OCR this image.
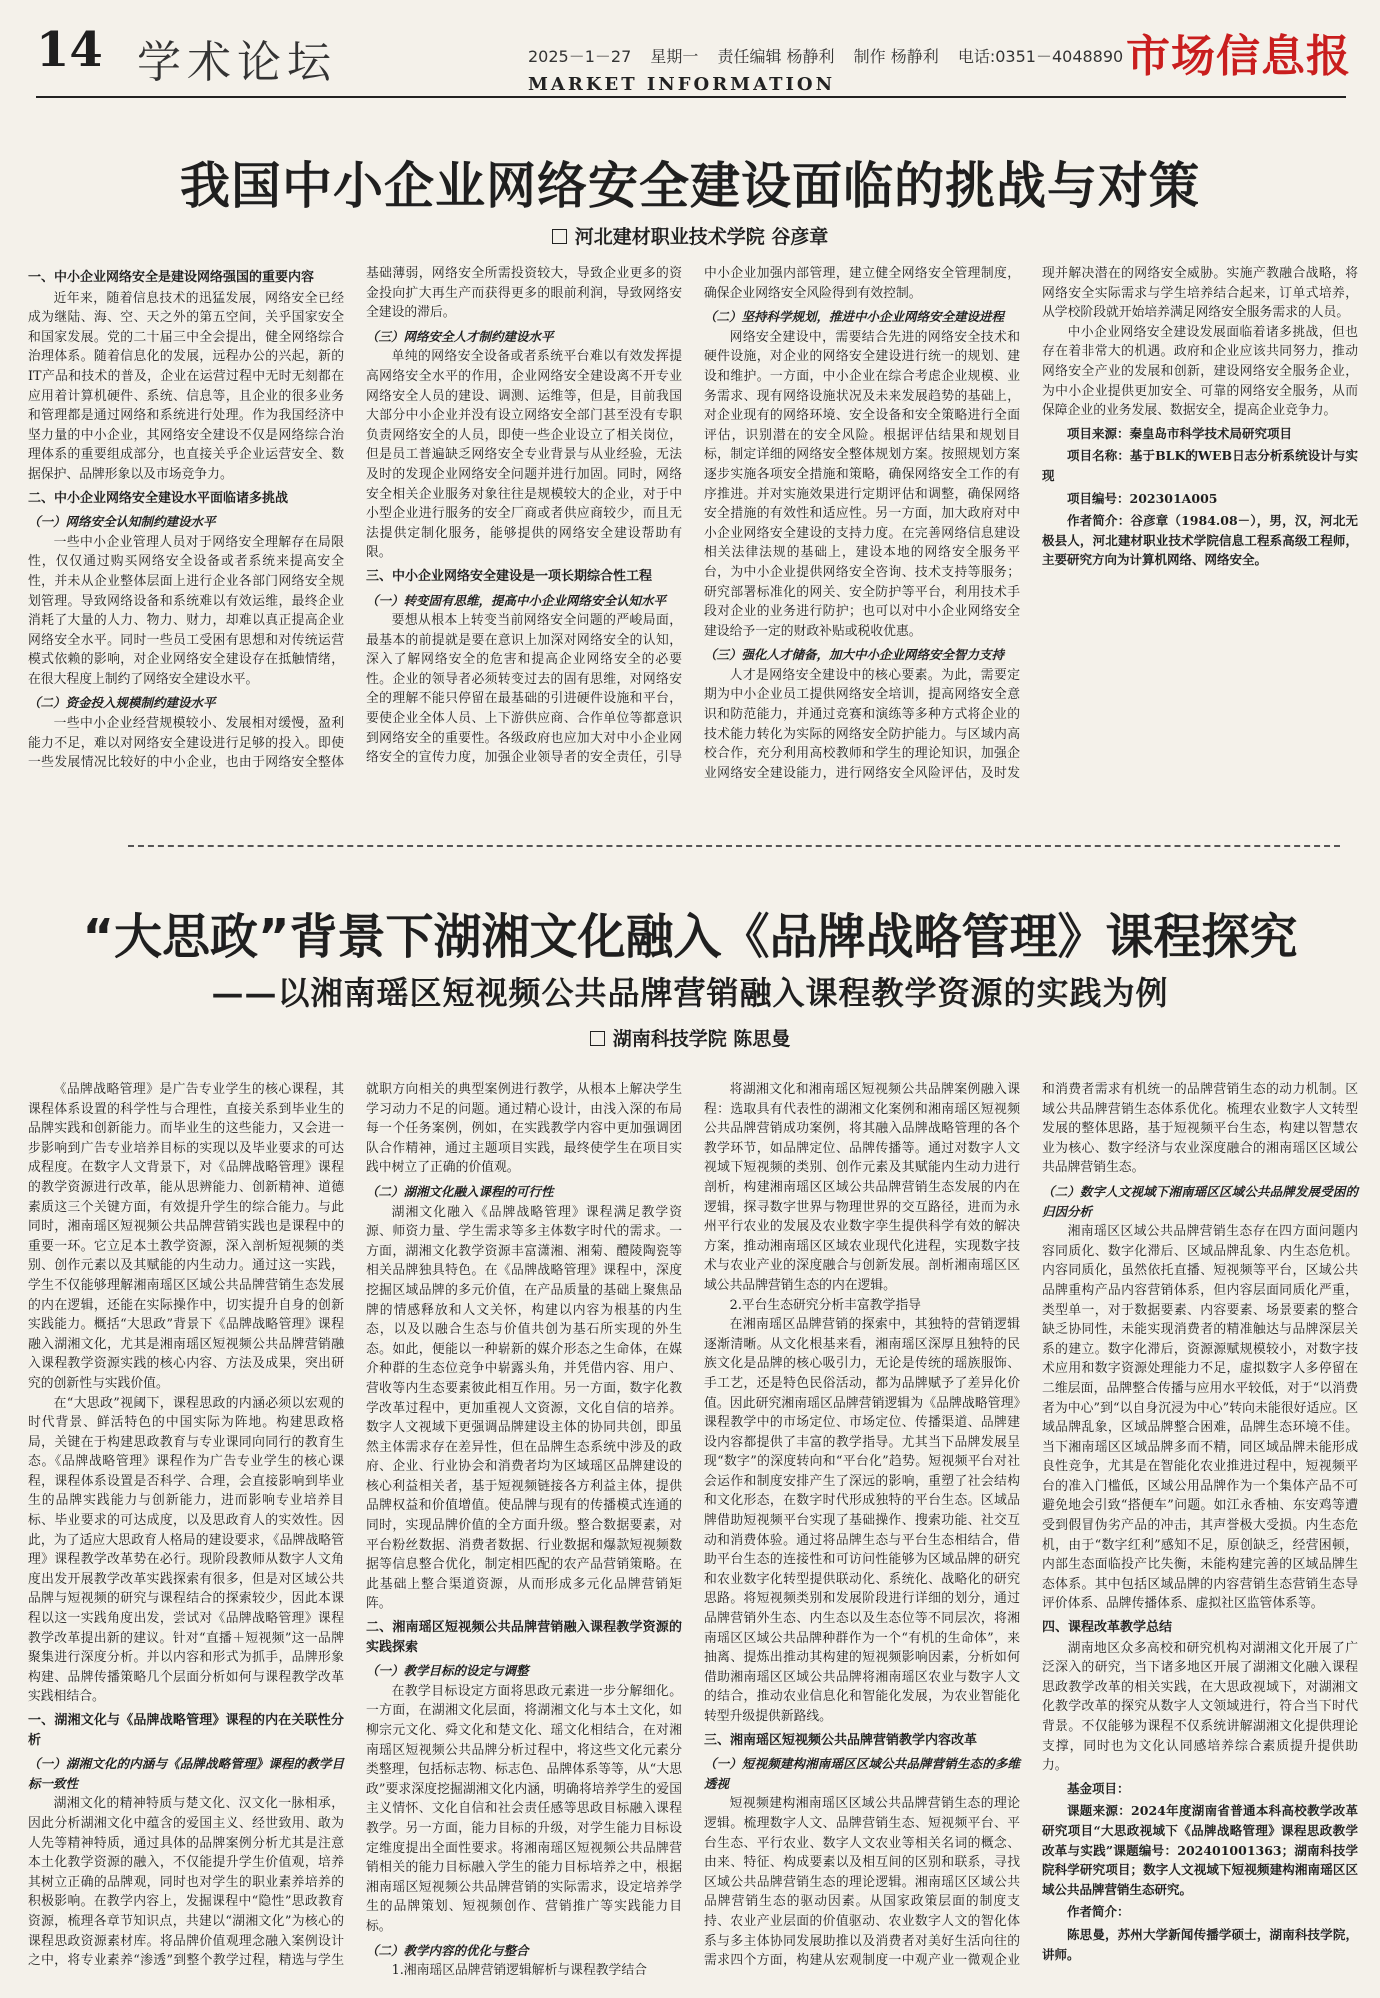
14 学术论坛	2025－1－27 星期一 责任编辑 杨静利 制作 杨静利 电话:0351－4048890
MARKET INFORMATION
市场信息报
我国中小企业网络安全建设面临的挑战与对策
河北建材职业技术学院 谷彦章
一、中小企业网络安全是建设网络强国的重要内容

近年来，随着信息技术的迅猛发展，网络安全已经成为继陆、海、空、天之外的第五空间，关乎国家安全和国家发展。党的二十届三中全会提出，健全网络综合治理体系。随着信息化的发展，远程办公的兴起，新的IT产品和技术的普及，企业在运营过程中无时无刻都在应用着计算机硬件、系统、信息等，且企业的很多业务和管理都是通过网络和系统进行处理。作为我国经济中坚力量的中小企业，其网络安全建设不仅是网络综合治理体系的重要组成部分，也直接关乎企业运营安全、数据保护、品牌形象以及市场竞争力。

二、中小企业网络安全建设水平面临诸多挑战
（一）网络安全认知制约建设水平

一些中小企业管理人员对于网络安全理解存在局限性，仅仅通过购买网络安全设备或者系统来提高安全性，并未从企业整体层面上进行企业各部门网络安全规划管理。导致网络设备和系统难以有效运维，最终企业消耗了大量的人力、物力、财力，却难以真正提高企业网络安全水平。同时一些员工受困有思想和对传统运营模式依赖的影响，对企业网络安全建设存在抵触情绪，在很大程度上制约了网络安全建设水平。

（二）资金投入规模制约建设水平

一些中小企业经营规模较小、发展相对缓慢，盈利能力不足，难以对网络安全建设进行足够的投入。即使一些发展情况比较好的中小企业，也由于网络安全整体基础薄弱，网络安全所需投资较大，导致企业更多的资金投向扩大再生产而获得更多的眼前利润，导致网络安全建设的滞后。

（三）网络安全人才制约建设水平

单纯的网络安全设备或者系统平台难以有效发挥提高网络安全水平的作用，企业网络安全建设离不开专业网络安全人员的建设、调测、运维等，但是，目前我国大部分中小企业并没有设立网络安全部门甚至没有专职负责网络安全的人员，即使一些企业设立了相关岗位，但是员工普遍缺乏网络安全专业背景与从业经验，无法及时的发现企业网络安全问题并进行加固。同时，网络安全相关企业服务对象往往是规模较大的企业，对于中小型企业进行服务的安全厂商或者供应商较少，而且无法提供定制化服务，能够提供的网络安全建设帮助有限。

三、中小企业网络安全建设是一项长期综合性工程
（一）转变固有思维，提高中小企业网络安全认知水平

要想从根本上转变当前网络安全问题的严峻局面，最基本的前提就是要在意识上加深对网络安全的认知，深入了解网络安全的危害和提高企业网络安全的必要性。企业的领导者必须转变过去的固有思维，对网络安全的理解不能只停留在最基础的引进硬件设施和平台，要使企业全体人员、上下游供应商、合作单位等都意识到网络安全的重要性。各级政府也应加大对中小企业网络安全的宣传力度，加强企业领导者的安全责任，引导中小企业加强内部管理，建立健全网络安全管理制度，确保企业网络安全风险得到有效控制。

（二）坚持科学规划，推进中小企业网络安全建设进程

网络安全建设中，需要结合先进的网络安全技术和硬件设施，对企业的网络安全建设进行统一的规划、建设和维护。一方面，中小企业在综合考虑企业规模、业务需求、现有网络设施状况及未来发展趋势的基础上，对企业现有的网络环境、安全设备和安全策略进行全面评估，识别潜在的安全风险。根据评估结果和规划目标，制定详细的网络安全整体规划方案。按照规划方案逐步实施各项安全措施和策略，确保网络安全工作的有序推进。并对实施效果进行定期评估和调整，确保网络安全措施的有效性和适应性。另一方面，加大政府对中小企业网络安全建设的支持力度。在完善网络信息建设相关法律法规的基础上，建设本地的网络安全服务平台，为中小企业提供网络安全咨询、技术支持等服务；研究部署标准化的网关、安全防护等平台，利用技术手段对企业的业务进行防护；也可以对中小企业网络安全建设给予一定的财政补贴或税收优惠。

（三）强化人才储备，加大中小企业网络安全智力支持

人才是网络安全建设中的核心要素。为此，需要定期为中小企业员工提供网络安全培训，提高网络安全意识和防范能力，并通过竞赛和演练等多种方式将企业的技术能力转化为实际的网络安全防护能力。与区域内高校合作，充分利用高校教师和学生的理论知识，加强企业网络安全建设能力，进行网络安全风险评估，及时发现并解决潜在的网络安全威胁。实施产教融合战略，将网络安全实际需求与学生培养结合起来，订单式培养，从学校阶段就开始培养满足网络安全服务需求的人员。

中小企业网络安全建设发展面临着诸多挑战，但也存在着非常大的机遇。政府和企业应该共同努力，推动网络安全产业的发展和创新，建设网络安全服务企业，为中小企业提供更加安全、可靠的网络安全服务，从而保障企业的业务发展、数据安全，提高企业竞争力。

项目来源：秦皇岛市科学技术局研究项目

项目名称：基于BLK的WEB日志分析系统设计与实现

项目编号：202301A005

作者简介：谷彦章（1984.08－），男，汉，河北无极县人，河北建材职业技术学院信息工程系高级工程师，主要研究方向为计算机网络、网络安全。

“大思政”背景下湖湘文化融入《品牌战略管理》课程探究
——以湘南瑶区短视频公共品牌营销融入课程教学资源的实践为例
湖南科技学院 陈思曼

《品牌战略管理》是广告专业学生的核心课程，其课程体系设置的科学性与合理性，直接关系到毕业生的品牌实践和创新能力。而毕业生的这些能力，又会进一步影响到广告专业培养目标的实现以及毕业要求的可达成程度。在数字人文背景下，对《品牌战略管理》课程的教学资源进行改革，能从思辨能力、创新精神、道德素质这三个关键方面，有效提升学生的综合能力。与此同时，湘南瑶区短视频公共品牌营销实践也是课程中的重要一环。它立足本土教学资源，深入剖析短视频的类别、创作元素以及其赋能的内生动力。通过这一实践，学生不仅能够理解湘南瑶区区域公共品牌营销生态发展的内在逻辑，还能在实际操作中，切实提升自身的创新实践能力。概括“大思政”背景下《品牌战略管理》课程融入湖湘文化，尤其是湘南瑶区短视频公共品牌营销融入课程教学资源实践的核心内容、方法及成果，突出研究的创新性与实践价值。

在“大思政”视阈下，课程思政的内涵必须以宏观的时代背景、鲜活特色的中国实际为阵地。构建思政格局，关键在于构建思政教育与专业课同向同行的教育生态。《品牌战略管理》课程作为广告专业学生的核心课程，课程体系设置是否科学、合理，会直接影响到毕业生的品牌实践能力与创新能力，进而影响专业培养目标、毕业要求的可达成度，以及思政育人的实效性。因此，为了适应大思政育人格局的建设要求，《品牌战略管理》课程教学改革势在必行。现阶段教师从数字人文角度出发开展教学改革实践探索有很多，但是对区域公共品牌与短视频的研究与课程结合的探索较少，因此本课程以这一实践角度出发，尝试对《品牌战略管理》课程教学改革提出新的建议。针对“直播＋短视频”这一品牌聚集进行深度分析。并以内容和形式为抓手，品牌形象构建、品牌传播策略几个层面分析如何与课程教学改革实践相结合。

一、湖湘文化与《品牌战略管理》课程的内在关联性分析
（一）湖湘文化的内涵与《品牌战略管理》课程的教学目标一致性

湖湘文化的精神特质与楚文化、汉文化一脉相承，因此分析湖湘文化中蕴含的爱国主义、经世致用、敢为人先等精神特质，通过具体的品牌案例分析尤其是注意本土化教学资源的融入，不仅能提升学生价值观，培养其树立正确的品牌观，同时也对学生的职业素养培养的积极影响。在教学内容上，发掘课程中“隐性”思政教育资源，梳理各章节知识点，共建以“湖湘文化”为核心的课程思政资源素材库。将品牌价值观理念融入案例设计之中，将专业素养“渗透”到整个教学过程，精选与学生就职方向相关的典型案例进行教学，从根本上解决学生学习动力不足的问题。通过精心设计，由浅入深的布局每一个任务案例，例如，在实践教学内容中更加强调团队合作精神，通过主题项目实践，最终使学生在项目实践中树立了正确的价值观。

（二）湖湘文化融入课程的可行性

湖湘文化融入《品牌战略管理》课程满足教学资源、师资力量、学生需求等多主体数字时代的需求。一方面，湖湘文化教学资源丰富潇湘、湘菊、醴陵陶瓷等相关品牌独具特色。在《品牌战略管理》课程中，深度挖掘区域品牌的多元价值，在产品质量的基础上聚焦品牌的情感释放和人文关怀，构建以内容为根基的内生态，以及以融合生态与价值共创为基石所实现的外生态。如此，便能以一种崭新的媒介形态之生命体，在媒介种群的生态位竞争中崭露头角，并凭借内容、用户、营收等内生态要素彼此相互作用。另一方面，数字化教学改革过程中，更加重视人文资源，文化自信的培养。数字人文视域下更强调品牌建设主体的协同共创，即虽然主体需求存在差异性，但在品牌生态系统中涉及的政府、企业、行业协会和消费者均为区域瑶区品牌建设的核心利益相关者，基于短视频链接各方利益主体，提供品牌权益和价值增值。使品牌与现有的传播模式连通的同时，实现品牌价值的全方面升级。整合数据要素，对平台粉丝数据、消费者数据、行业数据和爆款短视频数据等信息整合优化，制定相匹配的农产品营销策略。在此基础上整合渠道资源，从而形成多元化品牌营销矩阵。

二、湘南瑶区短视频公共品牌营销融入课程教学资源的实践探索
（一）教学目标的设定与调整

在教学目标设定方面将思政元素进一步分解细化。一方面，在湖湘文化层面，将湖湘文化与本土文化，如柳宗元文化、舜文化和楚文化、瑶文化相结合，在对湘南瑶区短视频公共品牌分析过程中，将这些文化元素分类整理，包括标志物、标志色、品牌体系等等，从“大思政”要求深度挖掘湖湘文化内涵，明确将培养学生的爱国主义情怀、文化自信和社会责任感等思政目标融入课程教学。另一方面，能力目标的升级，对学生能力目标设定维度提出全面性要求。将湘南瑶区短视频公共品牌营销相关的能力目标融入学生的能力目标培养之中，根据湘南瑶区短视频公共品牌营销的实际需求，设定培养学生的品牌策划、短视频创作、营销推广等实践能力目标。

（二）教学内容的优化与整合

1.湘南瑶区品牌营销逻辑解析与课程教学结合

将湖湘文化和湘南瑶区短视频公共品牌案例融入课程：选取具有代表性的湖湘文化案例和湘南瑶区短视频公共品牌营销成功案例，将其融入品牌战略管理的各个教学环节，如品牌定位、品牌传播等。通过对数字人文视域下短视频的类别、创作元素及其赋能内生动力进行剖析，构建湘南瑶区区域公共品牌营销生态发展的内在逻辑，探寻数字世界与物理世界的交互路径，进而为永州平行农业的发展及农业数字孪生提供科学有效的解决方案，推动湘南瑶区区域农业现代化进程，实现数字技术与农业产业的深度融合与创新发展。剖析湘南瑶区区域公共品牌营销生态的内在逻辑。

2.平台生态研究分析丰富教学指导

在湘南瑶区品牌营销的探索中，其独特的营销逻辑逐渐清晰。从文化根基来看，湘南瑶区深厚且独特的民族文化是品牌的核心吸引力，无论是传统的瑶族服饰、手工艺，还是特色民俗活动，都为品牌赋予了差异化价值。因此研究湘南瑶区品牌营销逻辑为《品牌战略管理》课程教学中的市场定位、市场定位、传播渠道、品牌建设内容都提供了丰富的教学指导。尤其当下品牌发展呈现“数字”的深度转向和“平台化”趋势。短视频平台对社会运作和制度安排产生了深远的影响，重塑了社会结构和文化形态，在数字时代形成独特的平台生态。区域品牌借助短视频平台实现了基础操作、搜索功能、社交互动和消费体验。通过将品牌生态与平台生态相结合，借助平台生态的连接性和可访问性能够为区域品牌的研究和农业数字化转型提供联动化、系统化、战略化的研究思路。将短视频类别和发展阶段进行详细的划分，通过品牌营销外生态、内生态以及生态位等不同层次，将湘南瑶区区域公共品牌种群作为一个“有机的生命体”，来抽离、提炼出推动其构建的短视频影响因素，分析如何借助湘南瑶区区域公共品牌将湘南瑶区农业与数字人文的结合，推动农业信息化和智能化发展，为农业智能化转型升级提供新路线。

三、湘南瑶区短视频公共品牌营销教学内容改革
（一）短视频建构湘南瑶区区域公共品牌营销生态的多维透视

短视频建构湘南瑶区区域公共品牌营销生态的理论逻辑。梳理数字人文、品牌营销生态、短视频平台、平台生态、平行农业、数字人文农业等相关名词的概念、由来、特征、构成要素以及相互间的区别和联系，寻找区域公共品牌营销生态的理论逻辑。湘南瑶区区域公共品牌营销生态的驱动因素。从国家政策层面的制度支持、农业产业层面的价值驱动、农业数字人文的智化体系与多主体协同发展助推以及消费者对美好生活向往的需求四个方面，构建从宏观制度一中观产业一微观企业和消费者需求有机统一的品牌营销生态的动力机制。区域公共品牌营销生态体系优化。梳理农业数字人文转型发展的整体思路，基于短视频平台生态，构建以智慧农业为核心、数字经济与农业深度融合的湘南瑶区区域公共品牌营销生态。

（二）数字人文视域下湘南瑶区区域公共品牌发展受困的归因分析

湘南瑶区区域公共品牌营销生态存在四方面问题内容同质化、数字化滞后、区域品牌乱象、内生态危机。内容同质化，虽然依托直播、短视频等平台，区域公共品牌重构产品内容营销体系，但内容层面同质化严重，类型单一，对于数据要素、内容要素、场景要素的整合缺乏协同性，未能实现消费者的精准触达与品牌深层关系的建立。数字化滞后，资源源赋规模较小，对数字技术应用和数字资源处理能力不足，虚拟数字人多停留在二维层面，品牌整合传播与应用水平较低，对于“以消费者为中心”到“以自身沉浸为中心”转向未能很好适应。区域品牌乱象，区域品牌整合困难，品牌生态环境不佳。当下湘南瑶区区域品牌多而不精，同区域品牌未能形成良性竞争，尤其是在智能化农业推进过程中，短视频平台的准入门槛低，区域公用品牌作为一个集体产品不可避免地会引致“搭便车”问题。如江永香柚、东安鸡等遭受到假冒伪劣产品的冲击，其声誉极大受损。内生态危机，由于“数字红利”感知不足，原创缺乏，经营困顿，内部生态面临投产比失衡，未能构建完善的区域品牌生态体系。其中包括区域品牌的内容营销生态营销生态导评价体系、品牌传播体系、虚拟社区监管体系等。

四、课程改革教学总结

湖南地区众多高校和研究机构对湖湘文化开展了广泛深入的研究，当下诸多地区开展了湖湘文化融入课程思政教学改革的相关实践，在大思政视域下，对湖湘文化教学改革的探究从数字人文领域进行，符合当下时代背景。不仅能够为课程不仅系统讲解湖湘文化提供理论支撑，同时也为文化认同感培养综合素质提升提供助力。

基金项目：

课题来源：2024年度湖南省普通本科高校教学改革研究项目“大思政视域下《品牌战略管理》课程思政教学改革与实践”课题编号：202401001363；湖南科技学院科学研究项目；数字人文视域下短视频建构湘南瑶区区域公共品牌营销生态研究。

作者简介：

陈思曼，苏州大学新闻传播学硕士，湖南科技学院，讲师。
